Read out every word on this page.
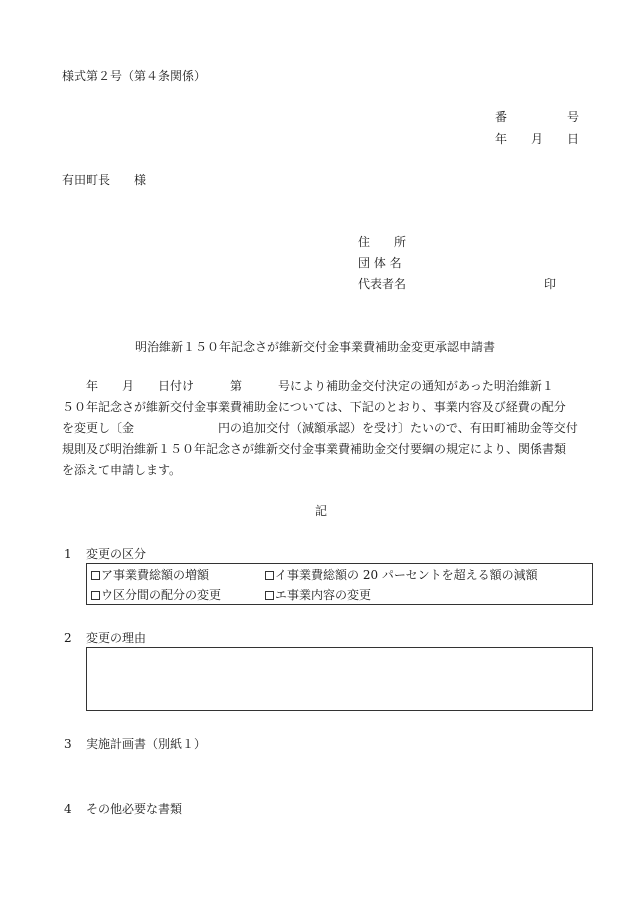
様式第２号（第４条関係）
番　　　　　号
年　　月　　日
有田町長　　様
住　　所
団 体 名
代表者名	印
明治維新１５０年記念さが維新交付金事業費補助金変更承認申請書
　　年　　月　　日付け　　　第　　　号により補助金交付決定の通知があった明治維新１
５０年記念さが維新交付金事業費補助金については、下記のとおり、事業内容及び経費の配分
を変更し〔金　　　　　　　円の追加交付（減額承認）を受け〕たいので、有田町補助金等交付
規則及び明治維新１５０年記念さが維新交付金事業費補助金交付要綱の規定により、関係書類
を添えて申請します。
記
1 変更の区分
ア事業費総額の増額	イ事業費総額の 20 パーセントを超える額の減額
ウ区分間の配分の変更	エ事業内容の変更
2 変更の理由
3 実施計画書（別紙１）
4 その他必要な書類
